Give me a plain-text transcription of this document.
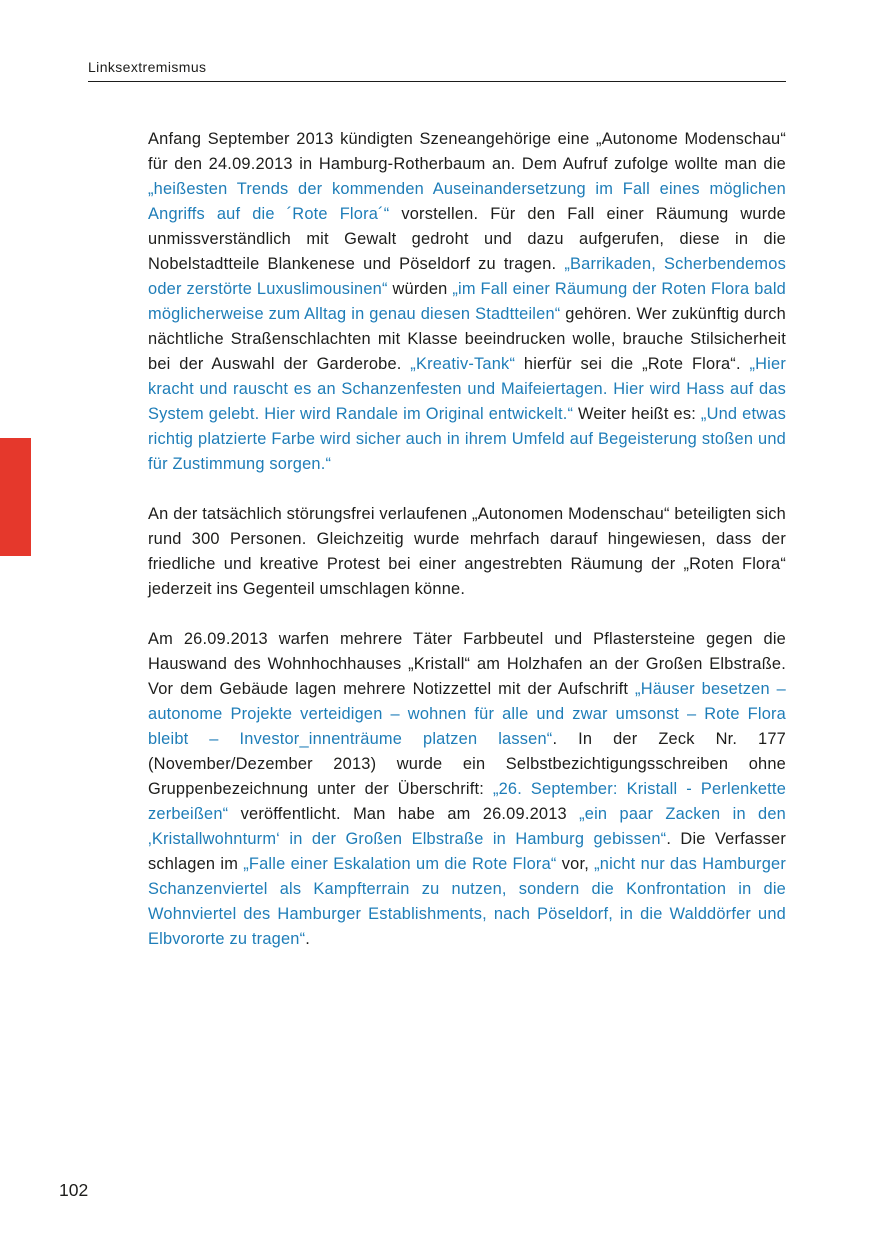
Linksextremismus

Anfang September 2013 kündigten Szeneangehörige eine „Autonome Modenschau“ für den 24.09.2013 in Hamburg-Rotherbaum an. Dem Aufruf zufolge wollte man die „heißesten Trends der kommenden Auseinandersetzung im Fall eines möglichen Angriffs auf die ´Rote Flora´“ vorstellen. Für den Fall einer Räumung wurde unmissverständlich mit Gewalt gedroht und dazu aufgerufen, diese in die Nobelstadtteile Blankenese und Pöseldorf zu tragen. „Barrikaden, Scherbendemos oder zerstörte Luxuslimousinen“ würden „im Fall einer Räumung der Roten Flora bald möglicherweise zum Alltag in genau diesen Stadtteilen“ gehören. Wer zukünftig durch nächtliche Straßenschlachten mit Klasse beeindrucken wolle, brauche Stilsicherheit bei der Auswahl der Garderobe. „Kreativ-Tank“ hierfür sei die „Rote Flora“. „Hier kracht und rauscht es an Schanzenfesten und Maifeiertagen. Hier wird Hass auf das System gelebt. Hier wird Randale im Original entwickelt.“ Weiter heißt es: „Und etwas richtig platzierte Farbe wird sicher auch in ihrem Umfeld auf Begeisterung stoßen und für Zustimmung sorgen.“

An der tatsächlich störungsfrei verlaufenen „Autonomen Modenschau“ beteiligten sich rund 300 Personen. Gleichzeitig wurde mehrfach darauf hingewiesen, dass der friedliche und kreative Protest bei einer angestrebten Räumung der „Roten Flora“ jederzeit ins Gegenteil umschlagen könne.

Am 26.09.2013 warfen mehrere Täter Farbbeutel und Pflastersteine gegen die Hauswand des Wohnhochhauses „Kristall“ am Holzhafen an der Großen Elbstraße. Vor dem Gebäude lagen mehrere Notizzettel mit der Aufschrift „Häuser besetzen – autonome Projekte verteidigen – wohnen für alle und zwar umsonst – Rote Flora bleibt – Investor_innenträume platzen lassen“. In der Zeck Nr. 177 (November/Dezember 2013) wurde ein Selbstbezichtigungsschreiben ohne Gruppenbezeichnung unter der Überschrift: „26. September: Kristall - Perlenkette zerbeißen“ veröffentlicht. Man habe am 26.09.2013 „ein paar Zacken in den ‚Kristallwohnturm‘ in der Großen Elbstraße in Hamburg gebissen“. Die Verfasser schlagen im „Falle einer Eskalation um die Rote Flora“ vor, „nicht nur das Hamburger Schanzenviertel als Kampfterrain zu nutzen, sondern die Konfrontation in die Wohnviertel des Hamburger Establishments, nach Pöseldorf, in die Walddörfer und Elbvororte zu tragen“.

102
